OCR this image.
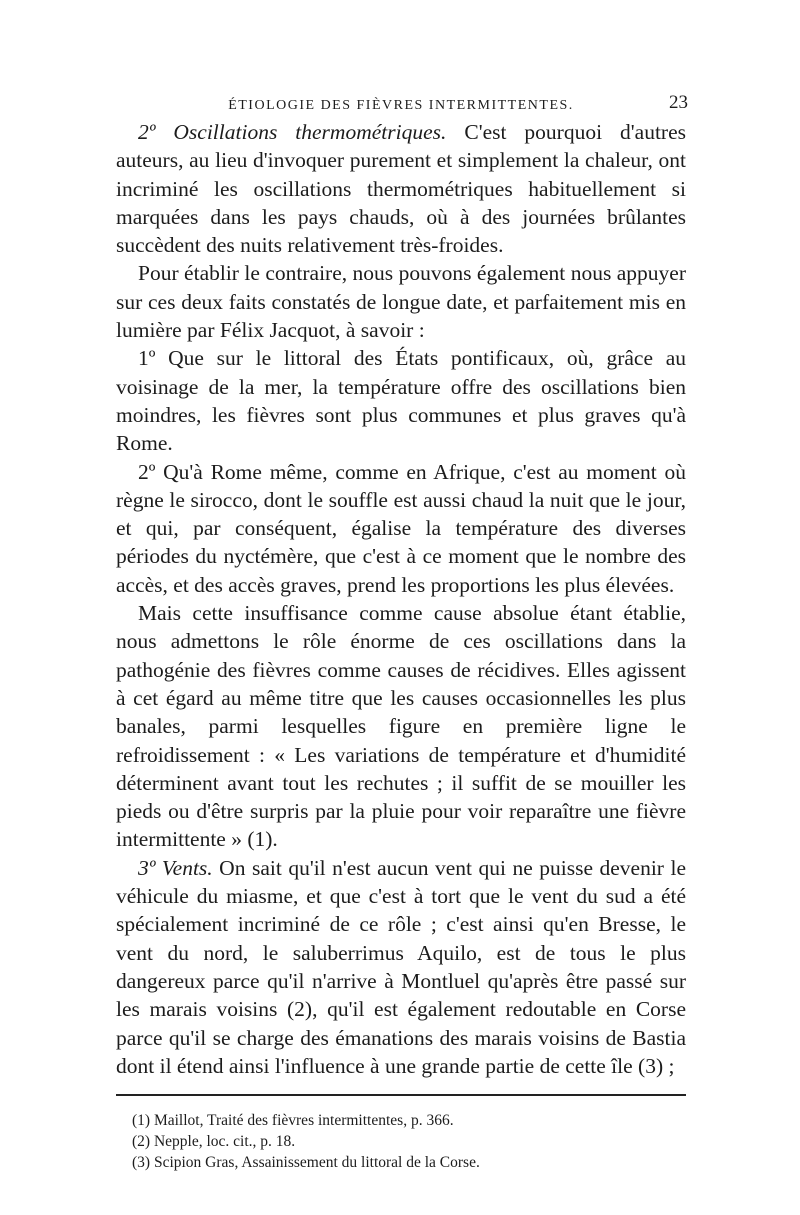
ÉTIOLOGIE DES FIÈVRES INTERMITTENTES.	23

2º Oscillations thermométriques. C'est pourquoi d'autres auteurs, au lieu d'invoquer purement et simplement la chaleur, ont incriminé les oscillations thermométriques habituellement si marquées dans les pays chauds, où à des journées brûlantes succèdent des nuits relativement très-froides.

Pour établir le contraire, nous pouvons également nous appuyer sur ces deux faits constatés de longue date, et parfaitement mis en lumière par Félix Jacquot, à savoir :

1º Que sur le littoral des États pontificaux, où, grâce au voisinage de la mer, la température offre des oscillations bien moindres, les fièvres sont plus communes et plus graves qu'à Rome.

2º Qu'à Rome même, comme en Afrique, c'est au moment où règne le sirocco, dont le souffle est aussi chaud la nuit que le jour, et qui, par conséquent, égalise la température des diverses périodes du nyctémère, que c'est à ce moment que le nombre des accès, et des accès graves, prend les proportions les plus élevées.

Mais cette insuffisance comme cause absolue étant établie, nous admettons le rôle énorme de ces oscillations dans la pathogénie des fièvres comme causes de récidives. Elles agissent à cet égard au même titre que les causes occasionnelles les plus banales, parmi lesquelles figure en première ligne le refroidissement : « Les variations de température et d'humidité déterminent avant tout les rechutes ; il suffit de se mouiller les pieds ou d'être surpris par la pluie pour voir reparaître une fièvre intermittente » (1).

3º Vents. On sait qu'il n'est aucun vent qui ne puisse devenir le véhicule du miasme, et que c'est à tort que le vent du sud a été spécialement incriminé de ce rôle ; c'est ainsi qu'en Bresse, le vent du nord, le saluberrimus Aquilo, est de tous le plus dangereux parce qu'il n'arrive à Montluel qu'après être passé sur les marais voisins (2), qu'il est également redoutable en Corse parce qu'il se charge des émanations des marais voisins de Bastia dont il étend ainsi l'influence à une grande partie de cette île (3) ;

(1) Maillot, Traité des fièvres intermittentes, p. 366.

(2) Nepple, loc. cit., p. 18.

(3) Scipion Gras, Assainissement du littoral de la Corse.
